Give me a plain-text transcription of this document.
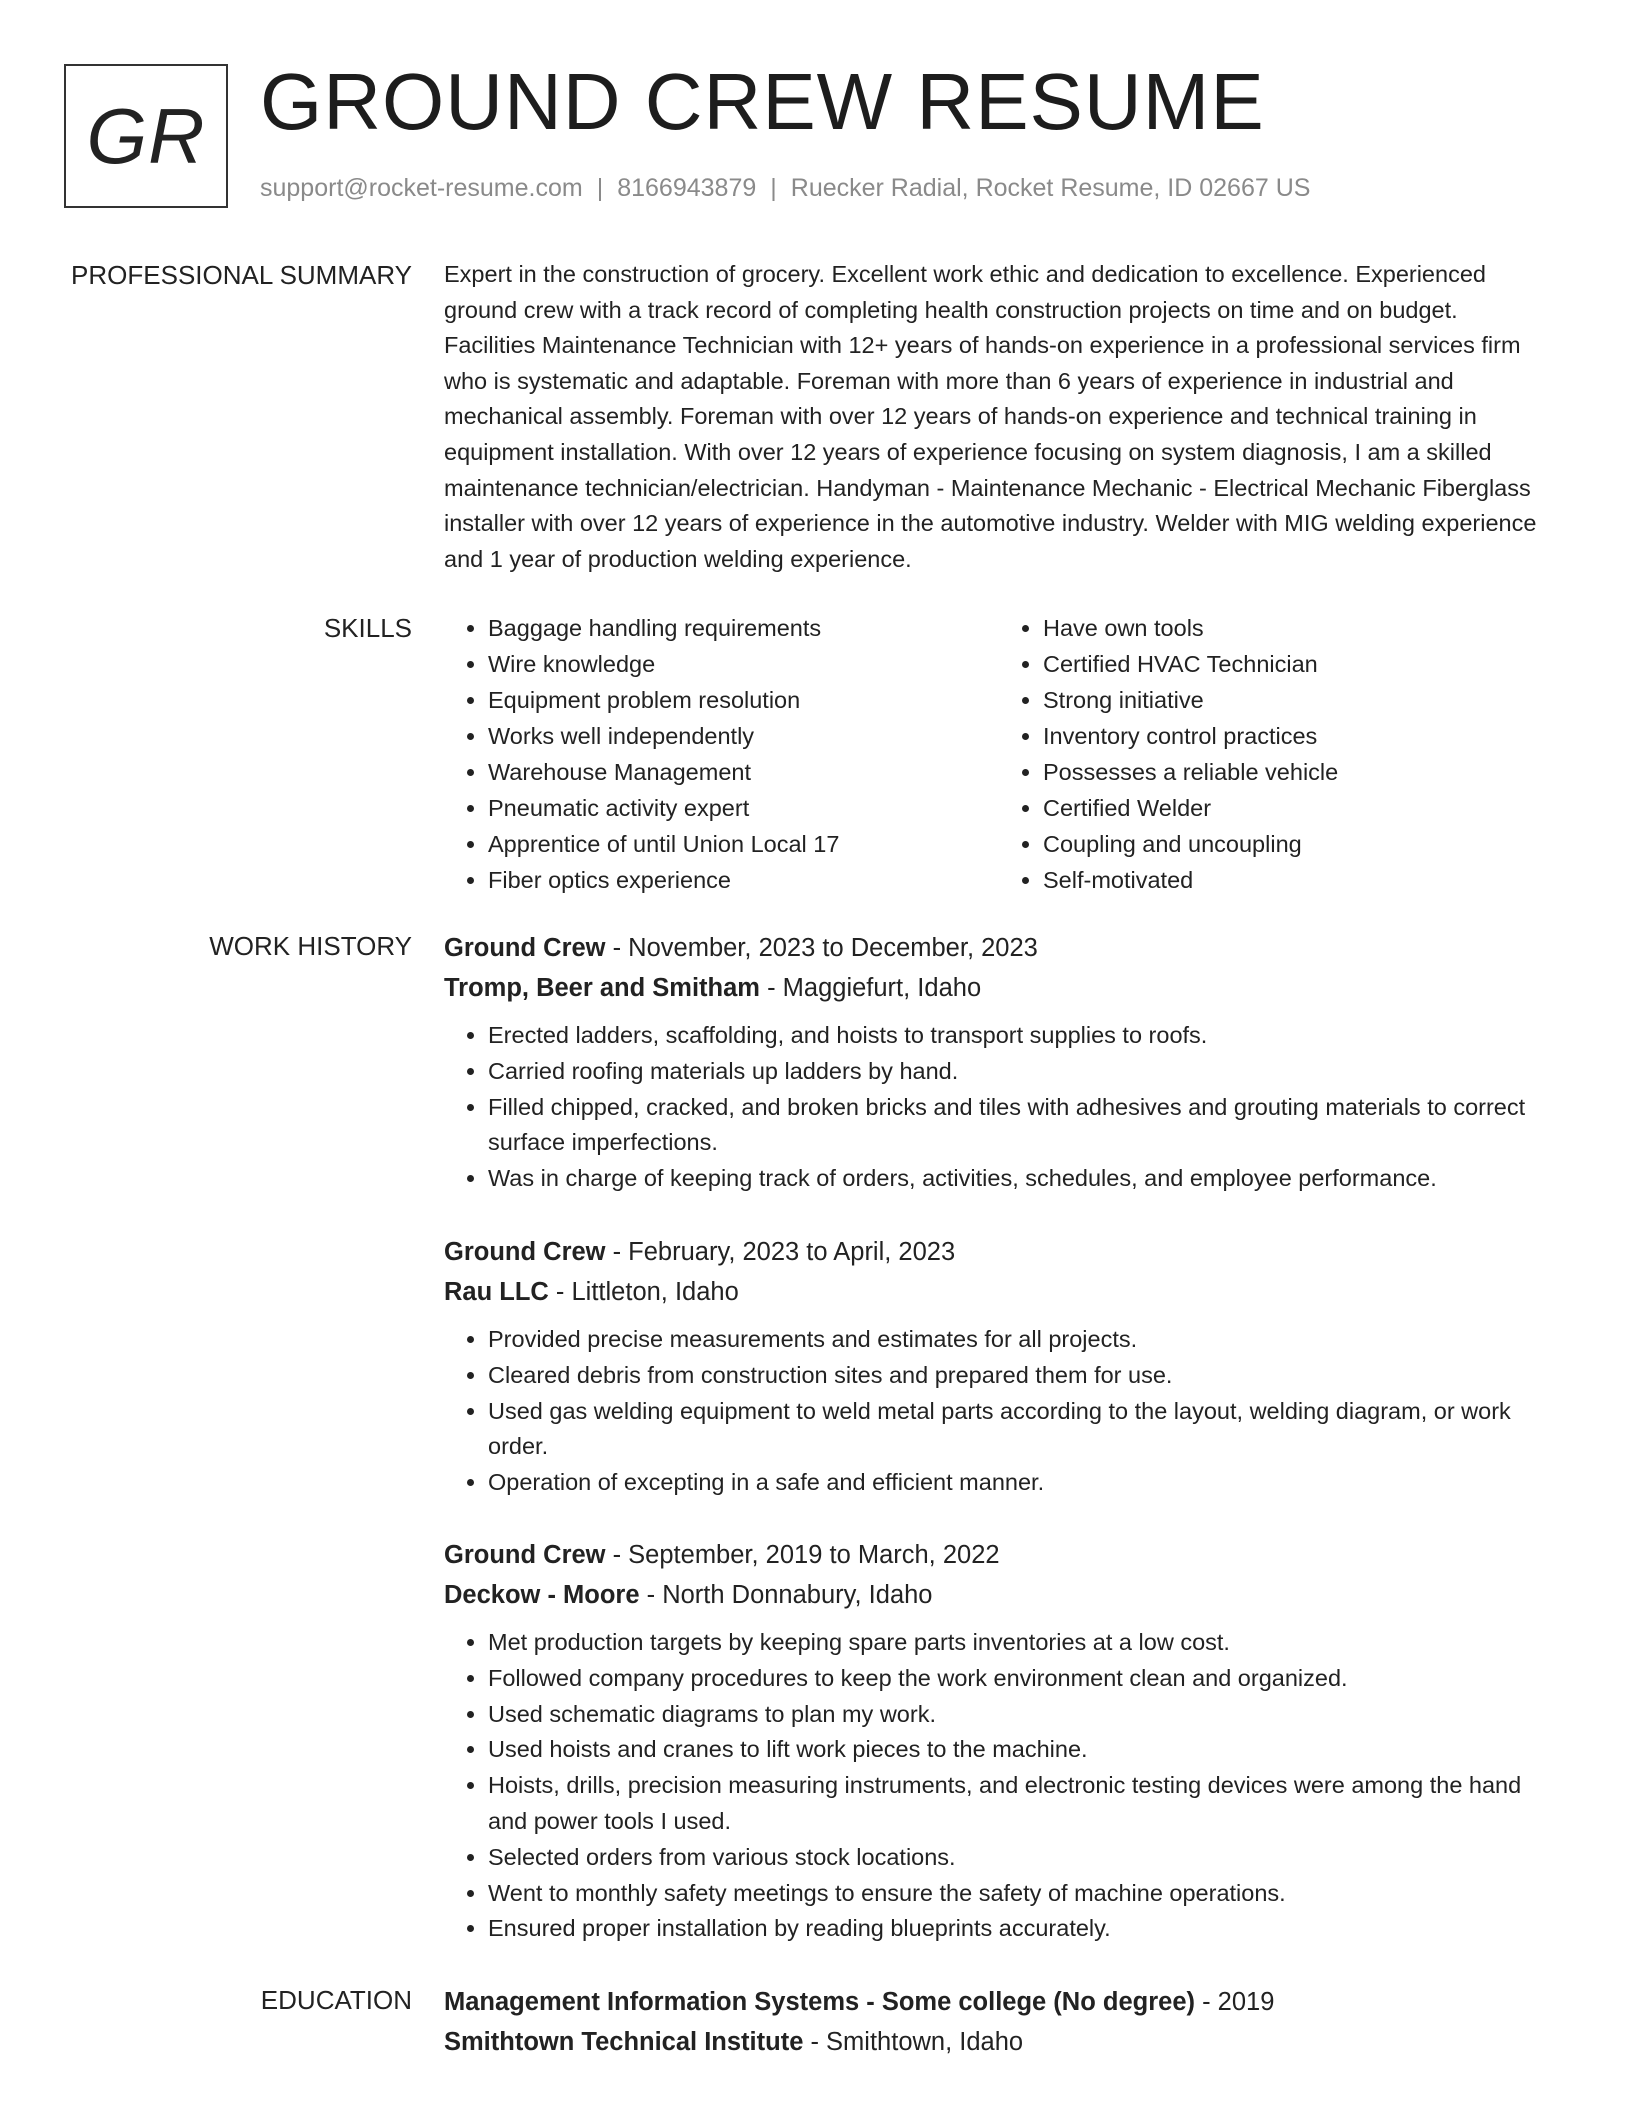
GR GROUND CREW RESUME
support@rocket-resume.com | 8166943879 | Ruecker Radial, Rocket Resume, ID 02667 US
PROFESSIONAL SUMMARY Expert in the construction of grocery. Excellent work ethic and dedication to excellence. Experienced ground crew with a track record of completing health construction projects on time and on budget. Facilities Maintenance Technician with 12+ years of hands-on experience in a professional services firm who is systematic and adaptable. Foreman with more than 6 years of experience in industrial and mechanical assembly. Foreman with over 12 years of hands-on experience and technical training in equipment installation. With over 12 years of experience focusing on system diagnosis, I am a skilled maintenance technician/electrician. Handyman - Maintenance Mechanic - Electrical Mechanic Fiberglass installer with over 12 years of experience in the automotive industry. Welder with MIG welding experience and 1 year of production welding experience.

SKILLS
•	Baggage handling requirements
• Wire knowledge
• Equipment problem resolution
• Works well independently
• Warehouse Management
• Pneumatic activity expert
• Apprentice of until Union Local 17
• Fiber optics experience
• Have own tools
• Certified HVAC Technician
• Strong initiative
• Inventory control practices
• Possesses a reliable vehicle
• Certified Welder
• Coupling and uncoupling
• Self-motivated
WORK HISTORY Ground Crew - November, 2023 to December, 2023
Tromp, Beer and Smitham - Maggiefurt, Idaho
• Erected ladders, scaffolding, and hoists to transport supplies to roofs.
• Carried roofing materials up ladders by hand.
• Filled chipped, cracked, and broken bricks and tiles with adhesives and grouting materials to correct surface imperfections.
• Was in charge of keeping track of orders, activities, schedules, and employee performance.
Ground Crew - February, 2023 to April, 2023
Rau LLC - Littleton, Idaho
• Provided precise measurements and estimates for all projects.
• Cleared debris from construction sites and prepared them for use.
• Used gas welding equipment to weld metal parts according to the layout, welding diagram, or work order.
• Operation of excepting in a safe and efficient manner.
Ground Crew - September, 2019 to March, 2022
Deckow - Moore - North Donnabury, Idaho
• Met production targets by keeping spare parts inventories at a low cost.
• Followed company procedures to keep the work environment clean and organized.
• Used schematic diagrams to plan my work.
• Used hoists and cranes to lift work pieces to the machine.
• Hoists, drills, precision measuring instruments, and electronic testing devices were among the hand and power tools I used.
• Selected orders from various stock locations.
• Went to monthly safety meetings to ensure the safety of machine operations.
• Ensured proper installation by reading blueprints accurately.
EDUCATION Management Information Systems - Some college (No degree) - 2019
Smithtown Technical Institute - Smithtown, Idaho
